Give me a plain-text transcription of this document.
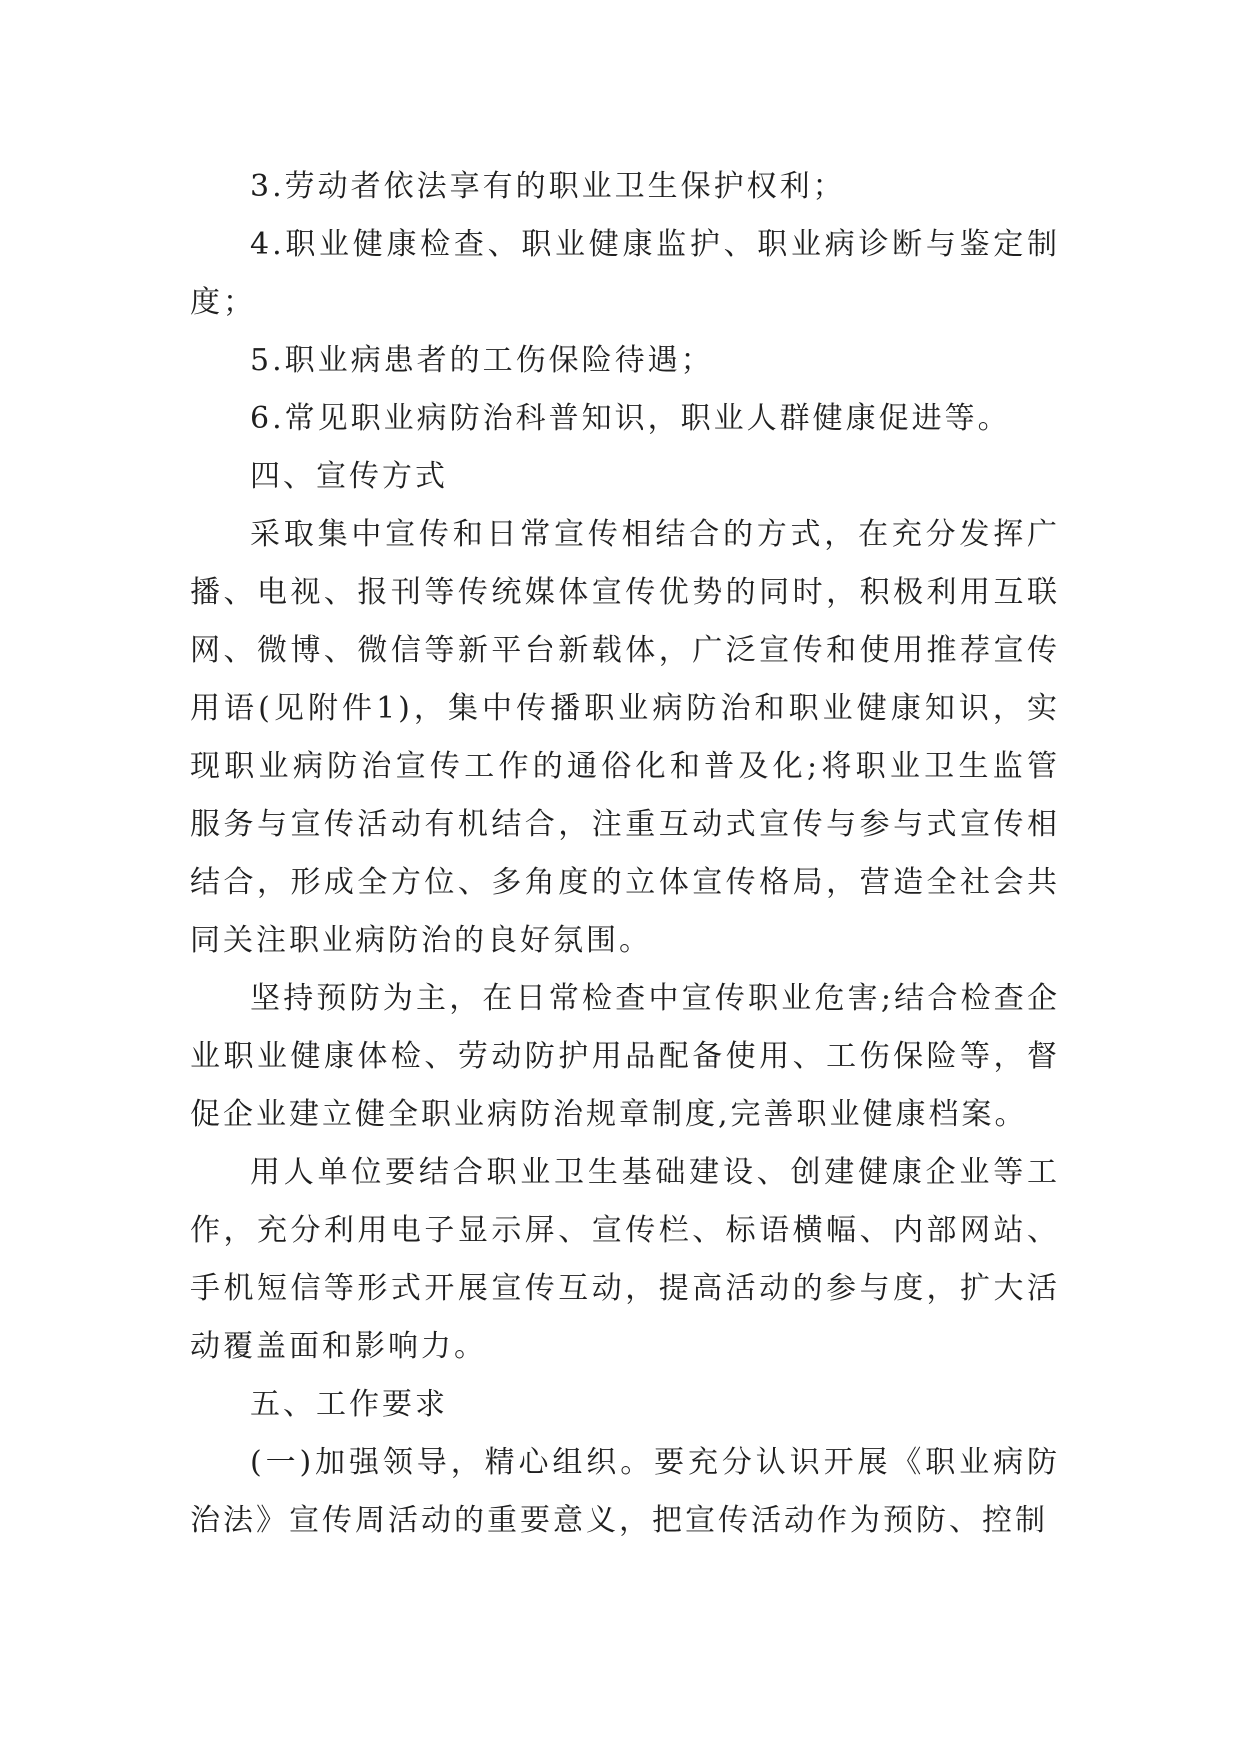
3.劳动者依法享有的职业卫生保护权利；

4.职业健康检查、职业健康监护、职业病诊断与鉴定制度；

5.职业病患者的工伤保险待遇；

6.常见职业病防治科普知识，职业人群健康促进等。

四、宣传方式

采取集中宣传和日常宣传相结合的方式，在充分发挥广播、电视、报刊等传统媒体宣传优势的同时，积极利用互联网、微博、微信等新平台新载体，广泛宣传和使用推荐宣传用语(见附件1)，集中传播职业病防治和职业健康知识，实现职业病防治宣传工作的通俗化和普及化;将职业卫生监管服务与宣传活动有机结合，注重互动式宣传与参与式宣传相结合，形成全方位、多角度的立体宣传格局，营造全社会共同关注职业病防治的良好氛围。

坚持预防为主，在日常检查中宣传职业危害;结合检查企业职业健康体检、劳动防护用品配备使用、工伤保险等，督促企业建立健全职业病防治规章制度,完善职业健康档案。

用人单位要结合职业卫生基础建设、创建健康企业等工作，充分利用电子显示屏、宣传栏、标语横幅、内部网站、手机短信等形式开展宣传互动，提高活动的参与度，扩大活动覆盖面和影响力。

五、工作要求

(一)加强领导，精心组织。要充分认识开展《职业病防治法》宣传周活动的重要意义，把宣传活动作为预防、控制
